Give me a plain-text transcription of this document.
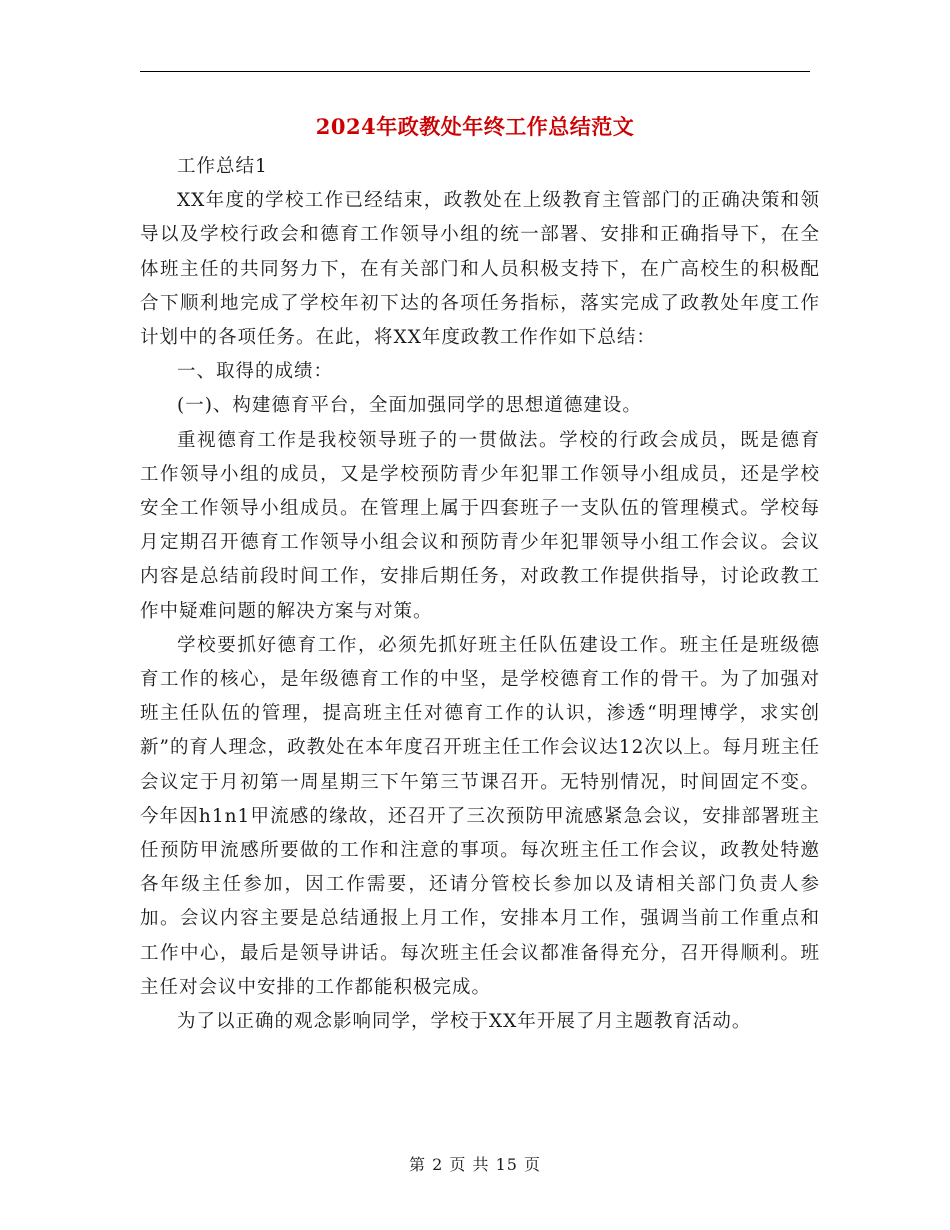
2024年政教处年终工作总结范文

工作总结1

XX年度的学校工作已经结束，政教处在上级教育主管部门的正确决策和领导以及学校行政会和德育工作领导小组的统一部署、安排和正确指导下，在全体班主任的共同努力下，在有关部门和人员积极支持下，在广高校生的积极配合下顺利地完成了学校年初下达的各项任务指标，落实完成了政教处年度工作计划中的各项任务。在此，将XX年度政教工作作如下总结：

一、取得的成绩：

(一)、构建德育平台，全面加强同学的思想道德建设。

重视德育工作是我校领导班子的一贯做法。学校的行政会成员，既是德育工作领导小组的成员，又是学校预防青少年犯罪工作领导小组成员，还是学校安全工作领导小组成员。在管理上属于四套班子一支队伍的管理模式。学校每月定期召开德育工作领导小组会议和预防青少年犯罪领导小组工作会议。会议内容是总结前段时间工作，安排后期任务，对政教工作提供指导，讨论政教工作中疑难问题的解决方案与对策。

学校要抓好德育工作，必须先抓好班主任队伍建设工作。班主任是班级德育工作的核心，是年级德育工作的中坚，是学校德育工作的骨干。为了加强对班主任队伍的管理，提高班主任对德育工作的认识，渗透“明理博学，求实创新”的育人理念，政教处在本年度召开班主任工作会议达12次以上。每月班主任会议定于月初第一周星期三下午第三节课召开。无特别情况，时间固定不变。今年因h1n1甲流感的缘故，还召开了三次预防甲流感紧急会议，安排部署班主任预防甲流感所要做的工作和注意的事项。每次班主任工作会议，政教处特邀各年级主任参加，因工作需要，还请分管校长参加以及请相关部门负责人参加。会议内容主要是总结通报上月工作，安排本月工作，强调当前工作重点和工作中心，最后是领导讲话。每次班主任会议都准备得充分，召开得顺利。班主任对会议中安排的工作都能积极完成。

为了以正确的观念影响同学，学校于XX年开展了月主题教育活动。

第 2 页 共 15 页
